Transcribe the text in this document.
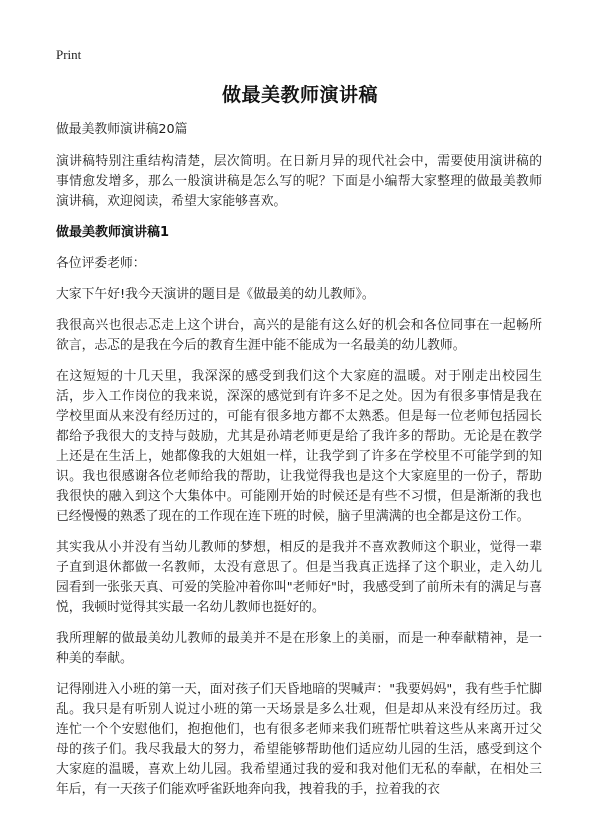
Print
做最美教师演讲稿

做最美教师演讲稿20篇

演讲稿特别注重结构清楚，层次简明。在日新月异的现代社会中，需要使用演讲稿的事情愈发增多，那么一般演讲稿是怎么写的呢？下面是小编帮大家整理的做最美教师演讲稿，欢迎阅读，希望大家能够喜欢。

做最美教师演讲稿1

各位评委老师：

大家下午好!我今天演讲的题目是《做最美的幼儿教师》。

我很高兴也很忐忑走上这个讲台，高兴的是能有这么好的机会和各位同事在一起畅所欲言，忐忑的是我在今后的教育生涯中能不能成为一名最美的幼儿教师。

在这短短的十几天里，我深深的感受到我们这个大家庭的温暖。对于刚走出校园生活，步入工作岗位的我来说，深深的感觉到有许多不足之处。因为有很多事情是我在学校里面从来没有经历过的，可能有很多地方都不太熟悉。但是每一位老师包括园长都给予我很大的支持与鼓励，尤其是孙靖老师更是给了我许多的帮助。无论是在教学上还是在生活上，她都像我的大姐姐一样，让我学到了许多在学校里不可能学到的知识。我也很感谢各位老师给我的帮助，让我觉得我也是这个大家庭里的一份子，帮助我很快的融入到这个大集体中。可能刚开始的时候还是有些不习惯，但是渐渐的我也已经慢慢的熟悉了现在的工作现在连下班的时候，脑子里满满的也全都是这份工作。

其实我从小并没有当幼儿教师的梦想，相反的是我并不喜欢教师这个职业，觉得一辈子直到退休都做一名教师，太没有意思了。但是当我真正选择了这个职业，走入幼儿园看到一张张天真、可爱的笑脸冲着你叫"老师好"时，我感受到了前所未有的满足与喜悦，我顿时觉得其实最一名幼儿教师也挺好的。

我所理解的做最美幼儿教师的最美并不是在形象上的美丽，而是一种奉献精神，是一种美的奉献。

记得刚进入小班的第一天，面对孩子们天昏地暗的哭喊声："我要妈妈"，我有些手忙脚乱。我只是有听别人说过小班的第一天场景是多么壮观，但是却从来没有经历过。我连忙一个个安慰他们，抱抱他们，也有很多老师来我们班帮忙哄着这些从来离开过父母的孩子们。我尽我最大的努力，希望能够帮助他们适应幼儿园的生活，感受到这个大家庭的温暖，喜欢上幼儿园。我希望通过我的爱和我对他们无私的奉献，在相处三年后，有一天孩子们能欢呼雀跃地奔向我，拽着我的手，拉着我的衣
